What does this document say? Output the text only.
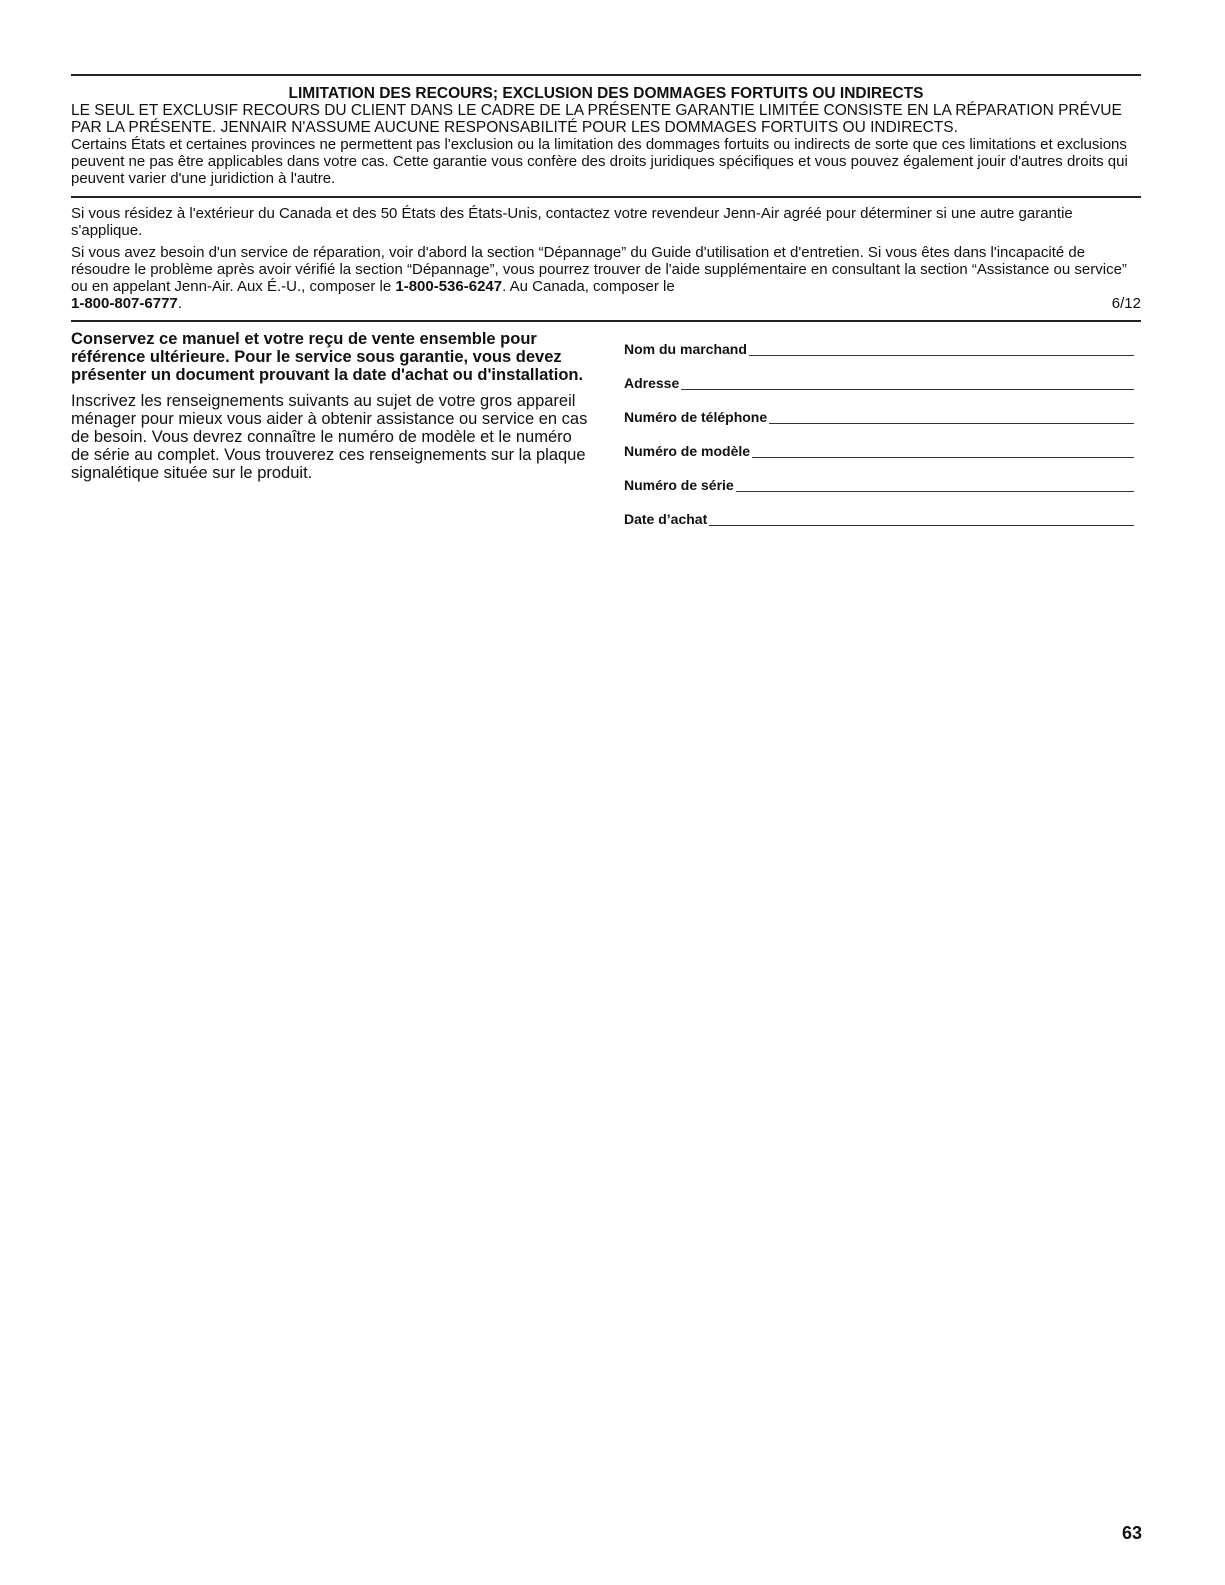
LIMITATION DES RECOURS; EXCLUSION DES DOMMAGES FORTUITS OU INDIRECTS
LE SEUL ET EXCLUSIF RECOURS DU CLIENT DANS LE CADRE DE LA PRÉSENTE GARANTIE LIMITÉE CONSISTE EN LA RÉPARATION PRÉVUE PAR LA PRÉSENTE. JENNAIR N'ASSUME AUCUNE RESPONSABILITÉ POUR LES DOMMAGES FORTUITS OU INDIRECTS.
Certains États et certaines provinces ne permettent pas l'exclusion ou la limitation des dommages fortuits ou indirects de sorte que ces limitations et exclusions peuvent ne pas être applicables dans votre cas. Cette garantie vous confère des droits juridiques spécifiques et vous pouvez également jouir d'autres droits qui peuvent varier d'une juridiction à l'autre.
Si vous résidez à l'extérieur du Canada et des 50 États des États-Unis, contactez votre revendeur Jenn-Air agréé pour déterminer si une autre garantie s'applique.
Si vous avez besoin d'un service de réparation, voir d'abord la section “Dépannage” du Guide d'utilisation et d'entretien. Si vous êtes dans l'incapacité de résoudre le problème après avoir vérifié la section “Dépannage”, vous pourrez trouver de l'aide supplémentaire en consultant la section “Assistance ou service” ou en appelant Jenn-Air. Aux É.-U., composer le 1-800-536-6247. Au Canada, composer le
1-800-807-6777.	6/12
Conservez ce manuel et votre reçu de vente ensemble pour référence ultérieure. Pour le service sous garantie, vous devez présenter un document prouvant la date d'achat ou d'installation.
Inscrivez les renseignements suivants au sujet de votre gros appareil ménager pour mieux vous aider à obtenir assistance ou service en cas de besoin. Vous devrez connaître le numéro de modèle et le numéro de série au complet. Vous trouverez ces renseignements sur la plaque signalétique située sur le produit.
Nom du marchand
Adresse
Numéro de téléphone
Numéro de modèle
Numéro de série
Date d’achat
63
